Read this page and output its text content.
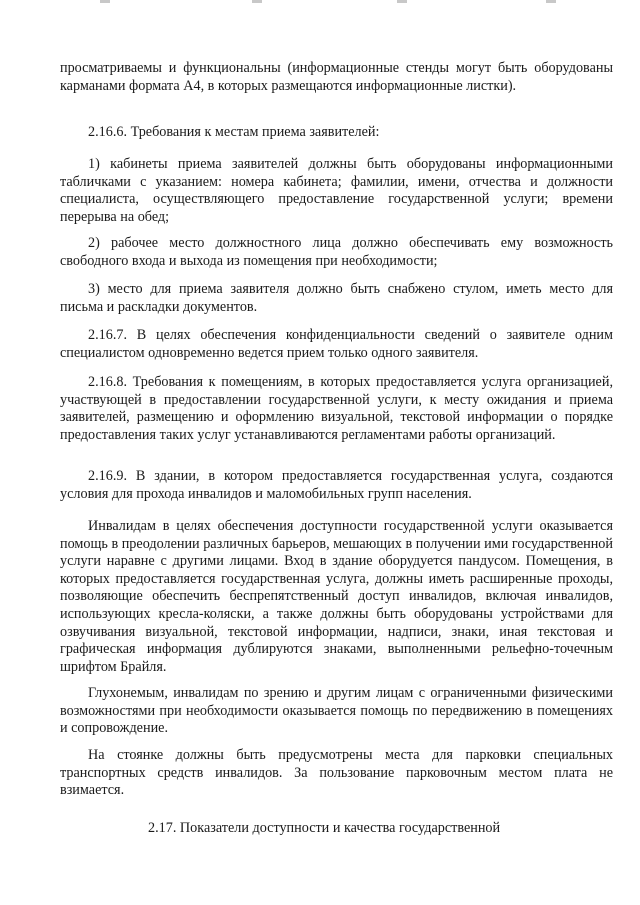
просматриваемы и функциональны (информационные стенды могут быть оборудованы карманами формата А4, в которых размещаются информационные листки).

2.16.6. Требования к местам приема заявителей:

1) кабинеты приема заявителей должны быть оборудованы информационными табличками с указанием: номера кабинета; фамилии, имени, отчества и должности специалиста, осуществляющего предоставление государственной услуги; времени перерыва на обед;

2) рабочее место должностного лица должно обеспечивать ему возможность свободного входа и выхода из помещения при необходимости;

3) место для приема заявителя должно быть снабжено стулом, иметь место для письма и раскладки документов.

2.16.7. В целях обеспечения конфиденциальности сведений о заявителе одним специалистом одновременно ведется прием только одного заявителя.

2.16.8. Требования к помещениям, в которых предоставляется услуга организацией, участвующей в предоставлении государственной услуги, к месту ожидания и приема заявителей, размещению и оформлению визуальной, текстовой информации о порядке предоставления таких услуг устанавливаются регламентами работы организаций.

2.16.9. В здании, в котором предоставляется государственная услуга, создаются условия для прохода инвалидов и маломобильных групп населения.

Инвалидам в целях обеспечения доступности государственной услуги оказывается помощь в преодолении различных барьеров, мешающих в получении ими государственной услуги наравне с другими лицами. Вход в здание оборудуется пандусом. Помещения, в которых предоставляется государственная услуга, должны иметь расширенные проходы, позволяющие обеспечить беспрепятственный доступ инвалидов, включая инвалидов, использующих кресла-коляски, а также должны быть оборудованы устройствами для озвучивания визуальной, текстовой информации, надписи, знаки, иная текстовая и графическая информация дублируются знаками, выполненными рельефно-точечным шрифтом Брайля.

Глухонемым, инвалидам по зрению и другим лицам с ограниченными физическими возможностями при необходимости оказывается помощь по передвижению в помещениях и сопровождение.

На стоянке должны быть предусмотрены места для парковки специальных транспортных средств инвалидов. За пользование парковочным местом плата не взимается.

2.17. Показатели доступности и качества государственной
